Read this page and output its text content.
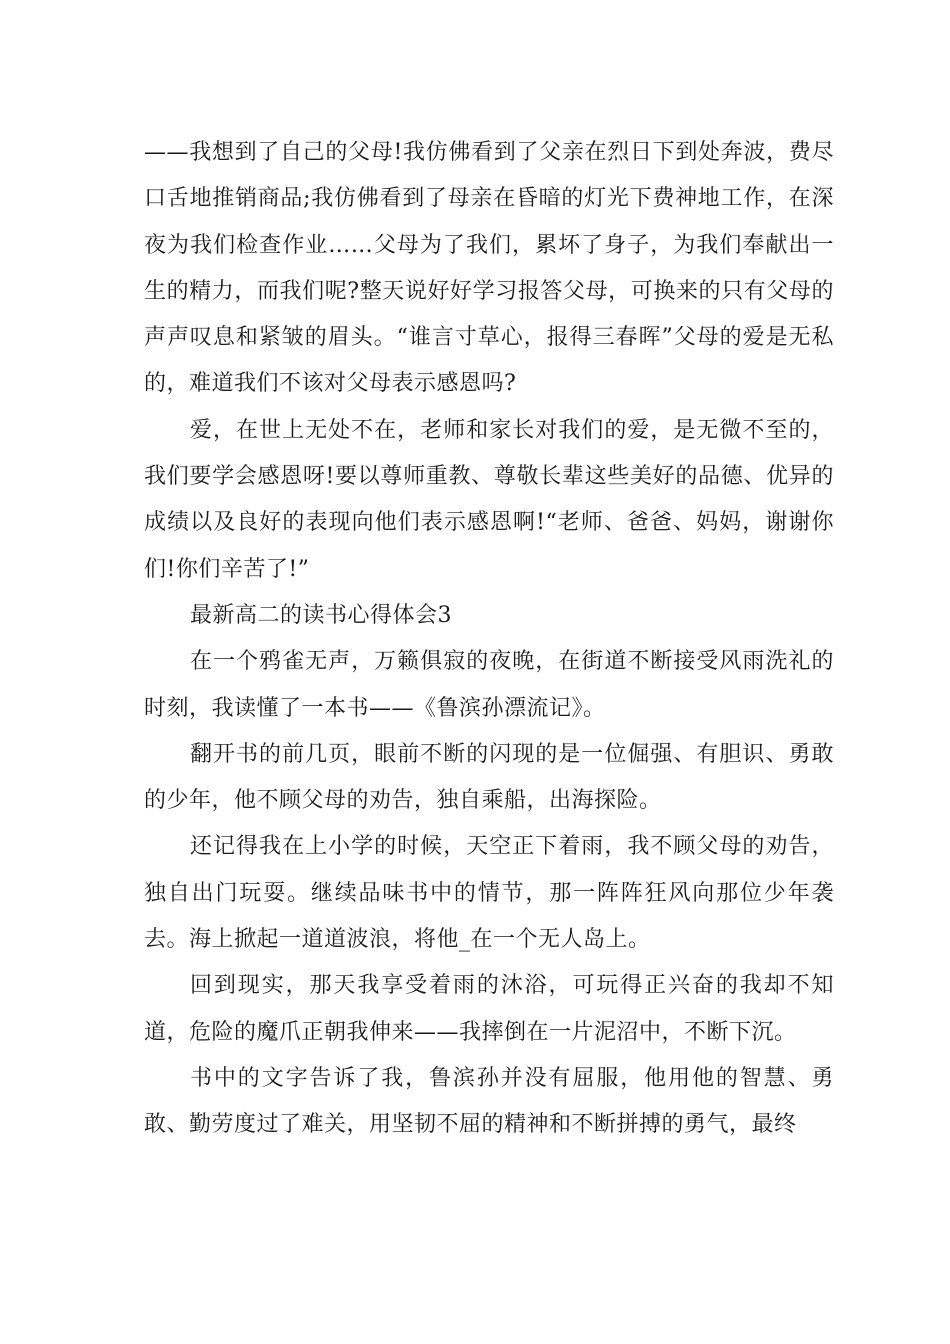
——我想到了自己的父母!我仿佛看到了父亲在烈日下到处奔波，费尽口舌地推销商品;我仿佛看到了母亲在昏暗的灯光下费神地工作，在深夜为我们检查作业……父母为了我们，累坏了身子，为我们奉献出一生的精力，而我们呢?整天说好好学习报答父母，可换来的只有父母的声声叹息和紧皱的眉头。“谁言寸草心，报得三春晖”父母的爱是无私的，难道我们不该对父母表示感恩吗?

爱，在世上无处不在，老师和家长对我们的爱，是无微不至的，我们要学会感恩呀!要以尊师重教、尊敬长辈这些美好的品德、优异的成绩以及良好的表现向他们表示感恩啊!“老师、爸爸、妈妈，谢谢你们!你们辛苦了!”

最新高二的读书心得体会3

在一个鸦雀无声，万籁俱寂的夜晚，在街道不断接受风雨洗礼的时刻，我读懂了一本书——《鲁滨孙漂流记》。

翻开书的前几页，眼前不断的闪现的是一位倔强、有胆识、勇敢的少年，他不顾父母的劝告，独自乘船，出海探险。

还记得我在上小学的时候，天空正下着雨，我不顾父母的劝告，独自出门玩耍。继续品味书中的情节，那一阵阵狂风向那位少年袭去。海上掀起一道道波浪，将他_在一个无人岛上。

回到现实，那天我享受着雨的沐浴，可玩得正兴奋的我却不知道，危险的魔爪正朝我伸来——我摔倒在一片泥沼中，不断下沉。

书中的文字告诉了我，鲁滨孙并没有屈服，他用他的智慧、勇敢、勤劳度过了难关，用坚韧不屈的精神和不断拼搏的勇气，最终
